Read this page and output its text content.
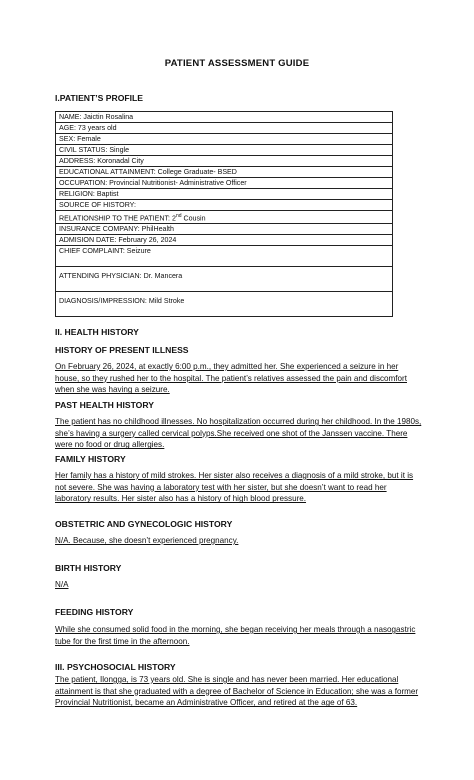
PATIENT ASSESSMENT GUIDE
I.PATIENT’S PROFILE
NAME: Jaictin Rosalina
AGE: 73 years old
SEX: Female
CIVIL STATUS: Single
ADDRESS: Koronadal City
EDUCATIONAL ATTAINMENT: College Graduate- BSED
OCCUPATION: Provincial Nutritionist- Administrative Officer
RELIGION: Baptist
SOURCE OF HISTORY:
RELATIONSHIP TO THE PATIENT: 2nd Cousin
INSURANCE COMPANY: PhilHealth
ADMISION DATE: February 26, 2024
CHIEF COMPLAINT: Seizure
ATTENDING PHYSICIAN: Dr. Mancera
DIAGNOSIS/IMPRESSION: Mild Stroke
II. HEALTH HISTORY
HISTORY OF PRESENT ILLNESS
On February 26, 2024, at exactly 6:00 p.m., they admitted her. She experienced a seizure in her house, so they rushed her to the hospital. The patient’s relatives assessed the pain and discomfort when she was having a seizure.
PAST HEALTH HISTORY
The patient has no childhood illnesses. No hospitalization occurred during her childhood. In the 1980s, she’s having a surgery called cervical polyps.She received one shot of the Janssen vaccine. There were no food or drug allergies.
FAMILY HISTORY
Her family has a history of mild strokes. Her sister also receives a diagnosis of a mild stroke, but it is not severe. She was having a laboratory test with her sister, but she doesn’t want to read her laboratory results. Her sister also has a history of high blood pressure.
OBSTETRIC AND GYNECOLOGIC HISTORY
N/A. Because, she doesn’t experienced pregnancy.
BIRTH HISTORY
N/A
FEEDING HISTORY
While she consumed solid food in the morning, she began receiving her meals through a nasogastric tube for the first time in the afternoon.
III. PSYCHOSOCIAL HISTORY
The patient, Ilongga, is 73 years old. She is single and has never been married. Her educational attainment is that she graduated with a degree of Bachelor of Science in Education; she was a former Provincial Nutritionist, became an Administrative Officer, and retired at the age of 63.
